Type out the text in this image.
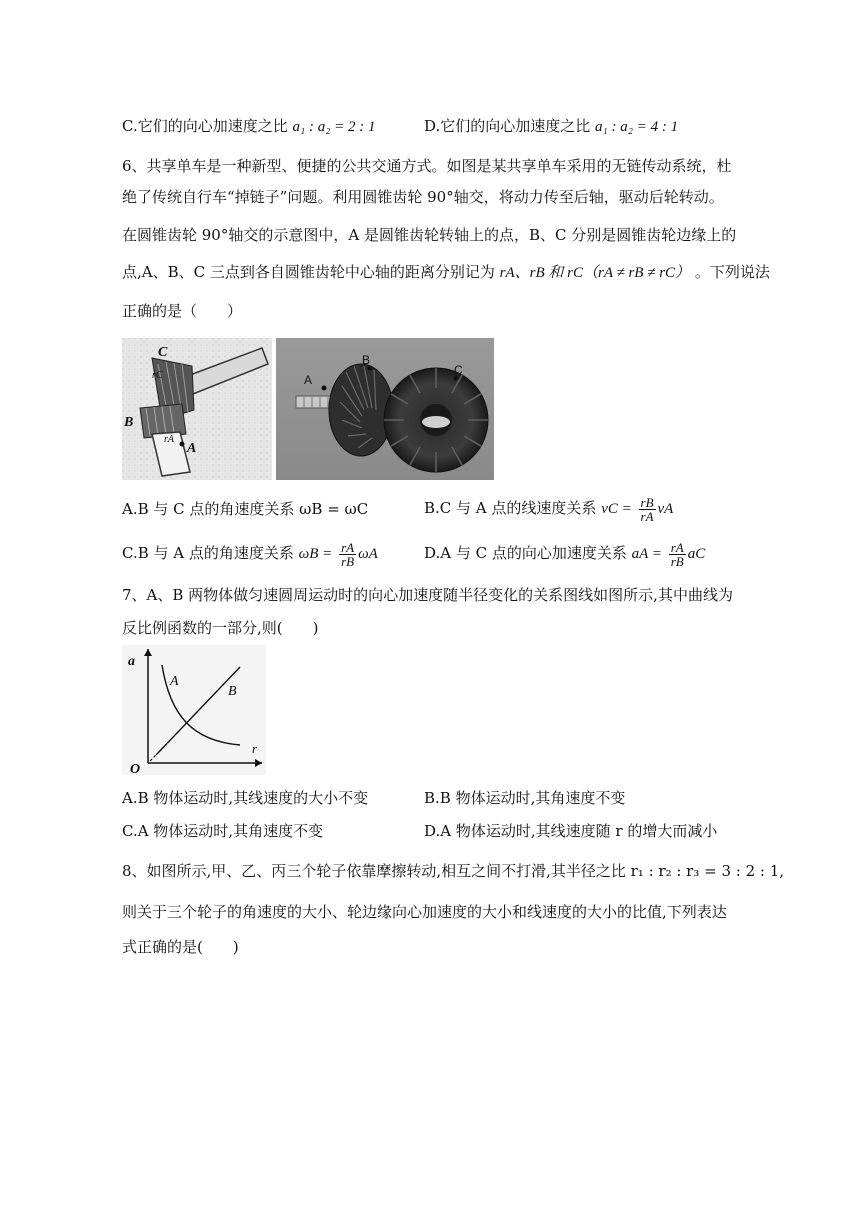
C.它们的向心加速度之比 a₁ : a₂ = 2 : 1	D.它们的向心加速度之比 a₁ : a₂ = 4 : 1
6、共享单车是一种新型、便捷的公共交通方式。如图是某共享单车采用的无链传动系统，杜
绝了传统自行车“掉链子”问题。利用圆锥齿轮 90°轴交，将动力传至后轴，驱动后轮转动。
在圆锥齿轮 90°轴交的示意图中，A 是圆锥齿轮转轴上的点，B、C 分别是圆锥齿轮边缘上的
点,A、B、C 三点到各自圆锥齿轮中心轴的距离分别记为 rA、rB 和 rC（rA ≠ rB ≠ rC） 。下列说法
正确的是（　　）
C
rC
B
rA
A
A
B
C
A.B 与 C 点的角速度关系 ωB = ωC	B.C 与 A 点的线速度关系 vC = $\frac{rB}{rA}$ vA
C.B 与 A 点的角速度关系 $\omega B = \frac{rA}{rB}$ ωA	D.A 与 C 点的向心加速度关系 aA = $\frac{rA}{rB}$ aC
7、A、B 两物体做匀速圆周运动时的向心加速度随半径变化的关系图线如图所示,其中曲线为
反比例函数的一部分,则(　　)
a
r
O
A
B
A.B 物体运动时,其线速度的大小不变	B.B 物体运动时,其角速度不变
C.A 物体运动时,其角速度不变	D.A 物体运动时,其线速度随 r 的增大而减小
8、如图所示,甲、乙、丙三个轮子依靠摩擦转动,相互之间不打滑,其半径之比 r₁ : r₂ : r₃ = 3 : 2 : 1,
则关于三个轮子的角速度的大小、轮边缘向心加速度的大小和线速度的大小的比值,下列表达
式正确的是(　　)
